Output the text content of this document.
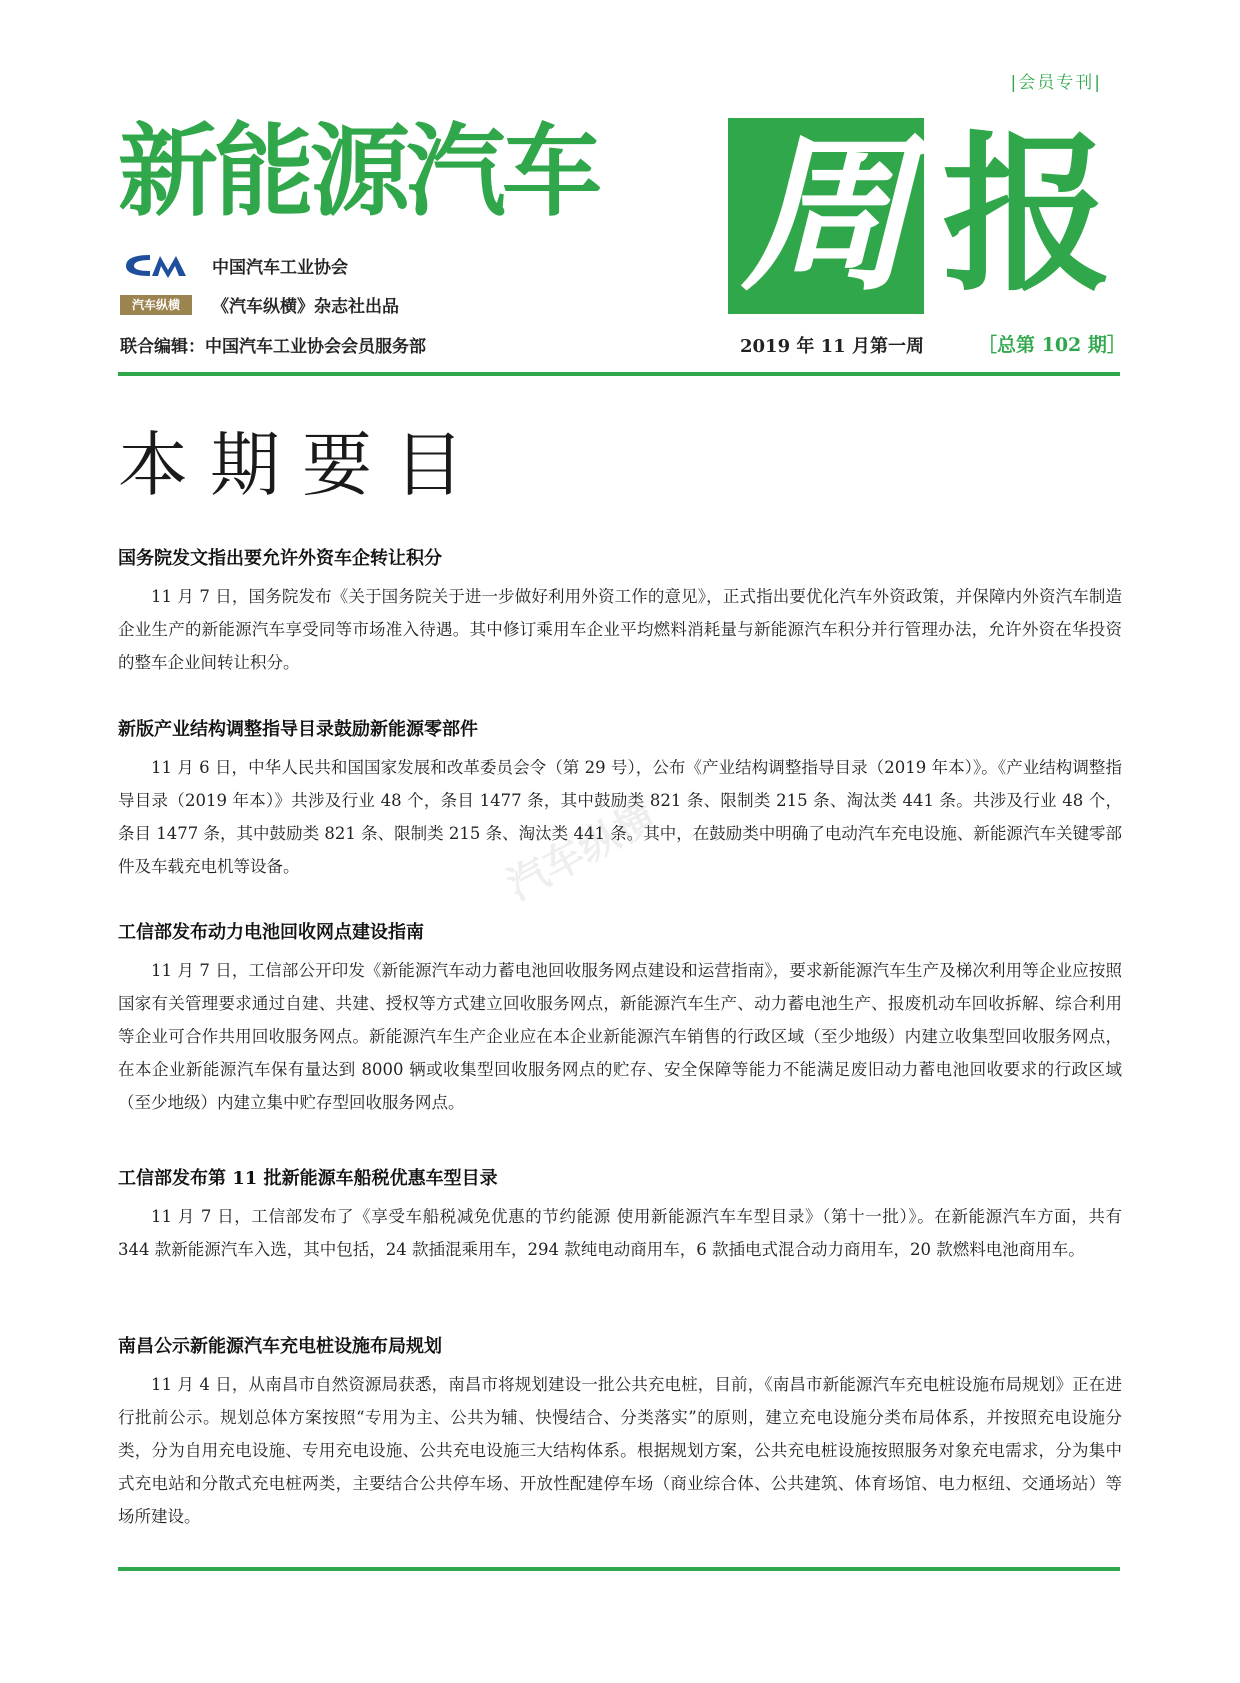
|会员专刊|
新能源汽车 周 报
中国汽车工业协会
汽车纵横	《汽车纵横》杂志社出品
联合编辑：中国汽车工业协会会员服务部	2019 年 11 月第一周	［总第 102 期］
本期要目
国务院发文指出要允许外资车企转让积分

11 月 7 日，国务院发布《关于国务院关于进一步做好利用外资工作的意见》，正式指出要优化汽车外资政策，并保障内外资汽车制造企业生产的新能源汽车享受同等市场准入待遇。其中修订乘用车企业平均燃料消耗量与新能源汽车积分并行管理办法，允许外资在华投资的整车企业间转让积分。

新版产业结构调整指导目录鼓励新能源零部件

11 月 6 日，中华人民共和国国家发展和改革委员会令（第 29 号），公布《产业结构调整指导目录（2019 年本）》。《产业结构调整指导目录（2019 年本）》共涉及行业 48 个，条目 1477 条，其中鼓励类 821 条、限制类 215 条、淘汰类 441 条。共涉及行业 48 个，条目 1477 条，其中鼓励类 821 条、限制类 215 条、淘汰类 441 条。其中，在鼓励类中明确了电动汽车充电设施、新能源汽车关键零部件及车载充电机等设备。

工信部发布动力电池回收网点建设指南

11 月 7 日，工信部公开印发《新能源汽车动力蓄电池回收服务网点建设和运营指南》，要求新能源汽车生产及梯次利用等企业应按照国家有关管理要求通过自建、共建、授权等方式建立回收服务网点，新能源汽车生产、动力蓄电池生产、报废机动车回收拆解、综合利用等企业可合作共用回收服务网点。新能源汽车生产企业应在本企业新能源汽车销售的行政区域（至少地级）内建立收集型回收服务网点，在本企业新能源汽车保有量达到 8000 辆或收集型回收服务网点的贮存、安全保障等能力不能满足废旧动力蓄电池回收要求的行政区域（至少地级）内建立集中贮存型回收服务网点。

工信部发布第 11 批新能源车船税优惠车型目录

11 月 7 日，工信部发布了《享受车船税减免优惠的节约能源 使用新能源汽车车型目录》（第十一批）》。在新能源汽车方面，共有 344 款新能源汽车入选，其中包括，24 款插混乘用车，294 款纯电动商用车，6 款插电式混合动力商用车，20 款燃料电池商用车。

南昌公示新能源汽车充电桩设施布局规划

11 月 4 日，从南昌市自然资源局获悉，南昌市将规划建设一批公共充电桩，目前，《南昌市新能源汽车充电桩设施布局规划》正在进行批前公示。规划总体方案按照“专用为主、公共为辅、快慢结合、分类落实”的原则，建立充电设施分类布局体系，并按照充电设施分类，分为自用充电设施、专用充电设施、公共充电设施三大结构体系。根据规划方案，公共充电桩设施按照服务对象充电需求，分为集中式充电站和分散式充电桩两类，主要结合公共停车场、开放性配建停车场（商业综合体、公共建筑、体育场馆、电力枢纽、交通场站）等场所建设。

汽车纵横
